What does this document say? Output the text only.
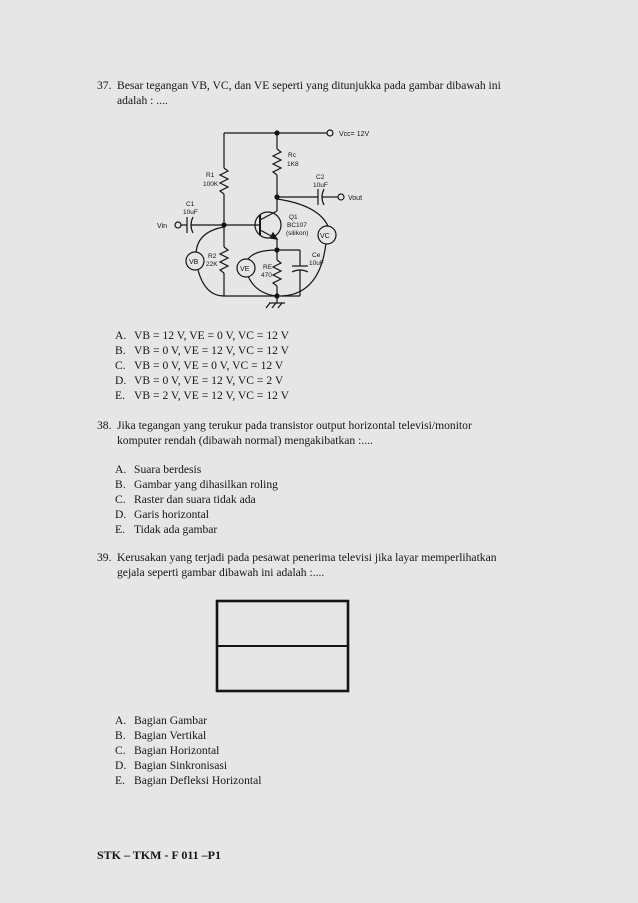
37. Besar tegangan VB, VC, dan VE seperti yang ditunjukka pada gambar dibawah ini
adalah : ....
Vcc= 12V
R1
100K
Rc
1K8
C2
10uF
Vout
Vin
C1
10uF
Q1
BC107
(silikon)
R2
22K	RE
470
Ce
10uF
VB
VE
VC
A. VB = 12 V, VE = 0 V, VC = 12 V
B. VB = 0 V, VE = 12 V, VC = 12 V
C. VB = 0 V, VE = 0 V, VC = 12 V
D. VB = 0 V, VE = 12 V, VC = 2 V
E. VB = 2 V, VE = 12 V, VC = 12 V
38. Jika tegangan yang terukur pada transistor output horizontal televisi/monitor
komputer rendah (dibawah normal) mengakibatkan :....
A. Suara berdesis
B. Gambar yang dihasilkan roling
C. Raster dan suara tidak ada
D. Garis horizontal
E. Tidak ada gambar
39. Kerusakan yang terjadi pada pesawat penerima televisi jika layar memperlihatkan
gejala seperti gambar dibawah ini adalah :....
A. Bagian Gambar
B. Bagian Vertikal
C. Bagian Horizontal
D. Bagian Sinkronisasi
E. Bagian Defleksi Horizontal
STK – TKM - F 011 –P1
